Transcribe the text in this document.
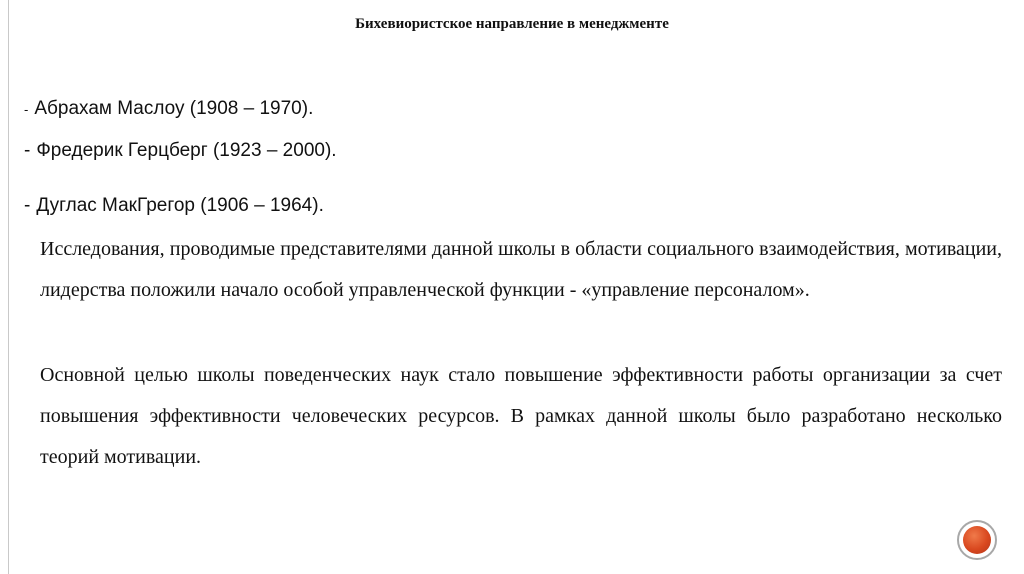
Бихевиористское направление в менеджменте
- Абрахам Маслоу (1908 – 1970).
- Фредерик Герцберг (1923 – 2000).
- Дуглас МакГрегор (1906 – 1964).

Исследования, проводимые представителями данной школы в области социального взаимодействия, мотивации, лидерства положили начало особой управленческой функции - «управление персоналом».

Основной целью школы поведенческих наук стало повышение эффективности работы организации за счет повышения эффективности человеческих ресурсов. В рамках данной школы было разработано несколько теорий мотивации.
